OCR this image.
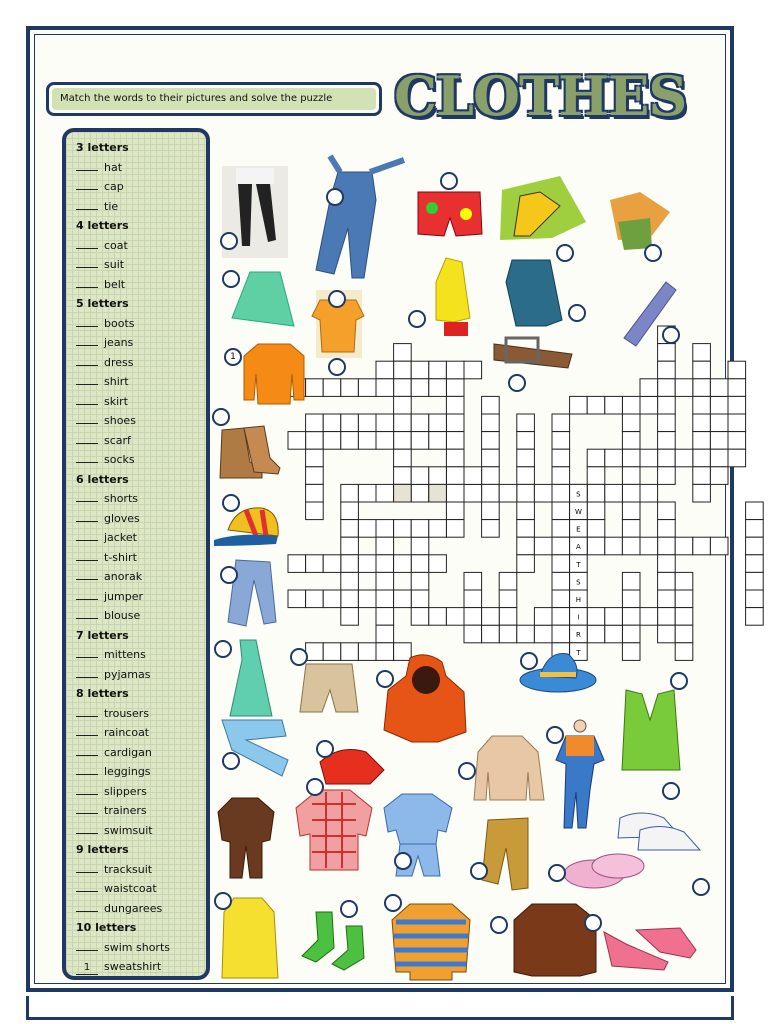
Match the words to their pictures and solve the puzzle	CLOTHES
3 letters
hat
cap
tie
4 letters
coat
suit
belt
5 letters
boots
jeans
dress
shirt
skirt
shoes
scarf
socks
6 letters
shorts
gloves
jacket
t-shirt
anorak
jumper
blouse
7 letters
mittens
pyjamas
8 letters
trousers
raincoat
cardigan
leggings
slippers
trainers
swimsuit
9 letters
tracksuit
waistcoat
dungarees
10 letters
swim shorts
1 sweatshirt
S
W
E
A
T
S
H
I
R
T
1
